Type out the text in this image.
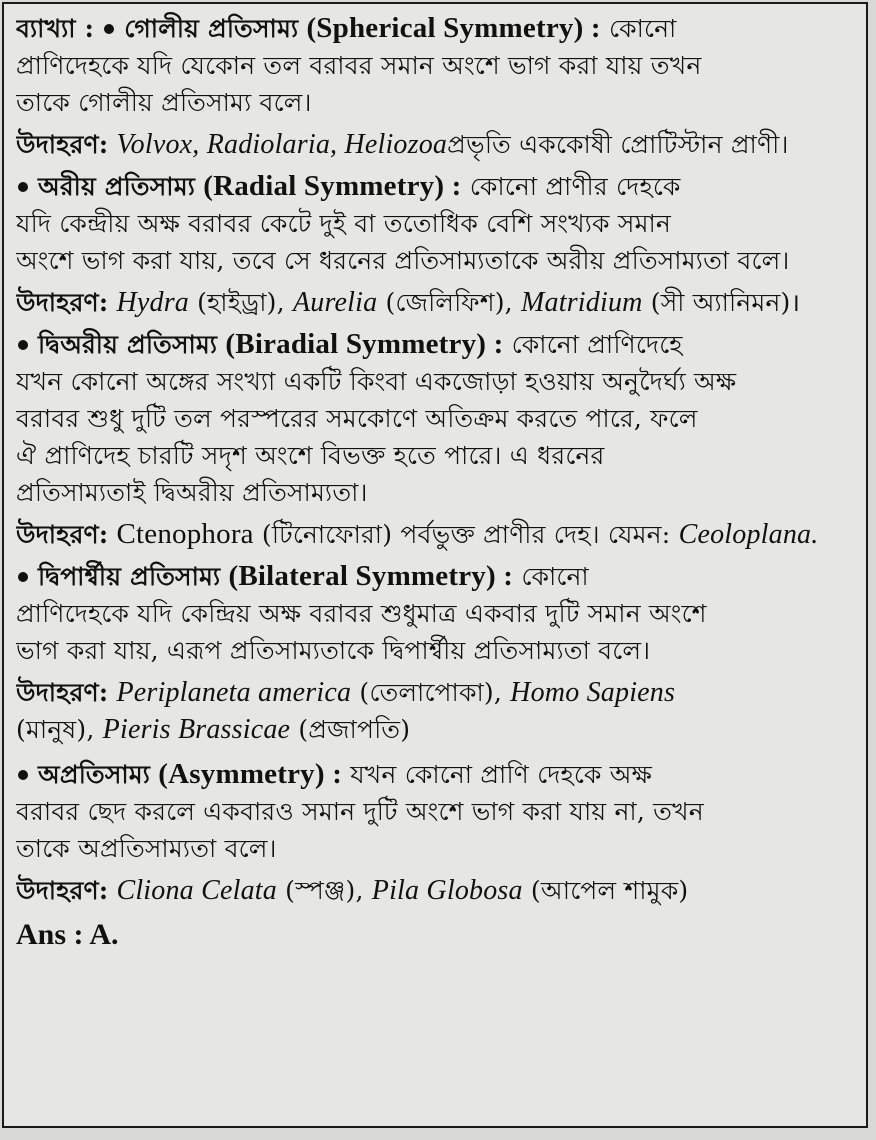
ব্যাখ্যা : গোলীয় প্রতিসাম্য (Spherical Symmetry) : কোনো
প্রাণিদেহকে যদি যেকোন তল বরাবর সমান অংশে ভাগ করা যায় তখন
তাকে গোলীয় প্রতিসাম্য বলে।
উদাহরণ: Volvox, Radiolaria, Heliozoaপ্রভৃতি এককোষী প্রোটিস্টান প্রাণী।
অরীয় প্রতিসাম্য (Radial Symmetry) : কোনো প্রাণীর দেহকে
যদি কেন্দ্রীয় অক্ষ বরাবর কেটে দুই বা ততোধিক বেশি সংখ্যক সমান
অংশে ভাগ করা যায়, তবে সে ধরনের প্রতিসাম্যতাকে অরীয় প্রতিসাম্যতা বলে।
উদাহরণ: Hydra (হাইড্রা), Aurelia (জেলিফিশ), Matridium (সী অ্যানিমন)।
দ্বিঅরীয় প্রতিসাম্য (Biradial Symmetry) : কোনো প্রাণিদেহে
যখন কোনো অঙ্গের সংখ্যা একটি কিংবা একজোড়া হওয়ায় অনুদৈর্ঘ্য অক্ষ
বরাবর শুধু দুটি তল পরস্পরের সমকোণে অতিক্রম করতে পারে, ফলে
ঐ প্রাণিদেহ চারটি সদৃশ অংশে বিভক্ত হতে পারে। এ ধরনের
প্রতিসাম্যতাই দ্বিঅরীয় প্রতিসাম্যতা।
উদাহরণ: Ctenophora (টিনোফোরা) পর্বভুক্ত প্রাণীর দেহ। যেমন: Ceoloplana.
দ্বিপার্শ্বীয় প্রতিসাম্য (Bilateral Symmetry) : কোনো
প্রাণিদেহকে যদি কেন্দ্রিয় অক্ষ বরাবর শুধুমাত্র একবার দুটি সমান অংশে
ভাগ করা যায়, এরূপ প্রতিসাম্যতাকে দ্বিপার্শ্বীয় প্রতিসাম্যতা বলে।
উদাহরণ: Periplaneta america (তেলাপোকা), Homo Sapiens
(মানুষ), Pieris Brassicae (প্রজাপতি)
অপ্রতিসাম্য (Asymmetry) : যখন কোনো প্রাণি দেহকে অক্ষ
বরাবর ছেদ করলে একবারও সমান দুটি অংশে ভাগ করা যায় না, তখন
তাকে অপ্রতিসাম্যতা বলে।
উদাহরণ: Cliona Celata (স্পঞ্জ), Pila Globosa (আপেল শামুক)
Ans : A.
